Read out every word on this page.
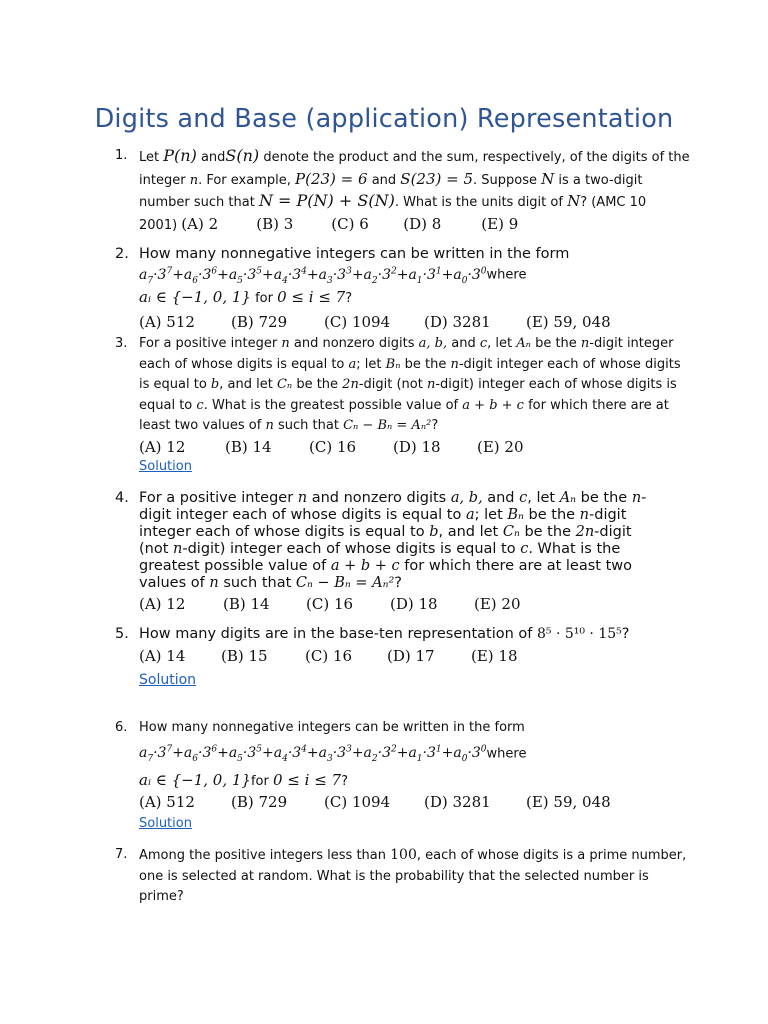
Digits and Base (application) Representation
1. Let P(n) andS(n) denote the product and the sum, respectively, of the digits of the
integer n. For example, P(23) = 6 and S(23) = 5. Suppose N is a two-digit
number such that N = P(N) + S(N). What is the units digit of N? (AMC 10
2001) (A) 2	(B) 3	(C) 6 (D) 8	(E) 9
2. How many nonnegative integers can be written in the form
$a_7\cdot 3^7+a_6\cdot 3^6+a_5\cdot 3^5+a_4\cdot 3^4+a_3\cdot 3^3+a_2\cdot 3^2+a_1\cdot 3^1+a_0\cdot 3^0where$
aᵢ ∈ {−1, 0, 1} for 0 ≤ i ≤ 7?
(A) 512 (B) 729 (C) 1094 (D) 3281 (E) 59, 048
3. For a positive integer n and nonzero digits a, b, and c, let Aₙ be the n-digit integer
each of whose digits is equal to a; let Bₙ be the n-digit integer each of whose digits
is equal to b, and let Cₙ be the 2n-digit (not n-digit) integer each of whose digits is
equal to c. What is the greatest possible value of a + b + c for which there are at
least two values of n such that Cₙ − Bₙ = Aₙ²?
(A) 12	(B) 14 (C) 16 (D) 18 (E) 20
Solution
4. For a positive integer n and nonzero digits a, b, and c, let Aₙ be the n-
digit integer each of whose digits is equal to a; let Bₙ be the n-digit
integer each of whose digits is equal to b, and let Cₙ be the 2n-digit
(not n-digit) integer each of whose digits is equal to c. What is the
greatest possible value of a + b + c for which there are at least two
values of n such that Cₙ − Bₙ = Aₙ²?
(A) 12	(B) 14 (C) 16 (D) 18 (E) 20
5. How many digits are in the base-ten representation of 8⁵ · 5¹⁰ · 15⁵?
(A) 14 (B) 15 (C) 16 (D) 17 (E) 18
Solution
6. How many nonnegative integers can be written in the form
$a_7\cdot 3^7+a_6\cdot 3^6+a_5\cdot 3^5+a_4\cdot 3^4+a_3\cdot 3^3+a_2\cdot 3^2+a_1\cdot 3^1+a_0\cdot 3^0where$
aᵢ ∈ {−1, 0, 1}for 0 ≤ i ≤ 7?
(A) 512 (B) 729 (C) 1094 (D) 3281 (E) 59, 048
Solution
7. Among the positive integers less than 100, each of whose digits is a prime number,
one is selected at random. What is the probability that the selected number is
prime?
